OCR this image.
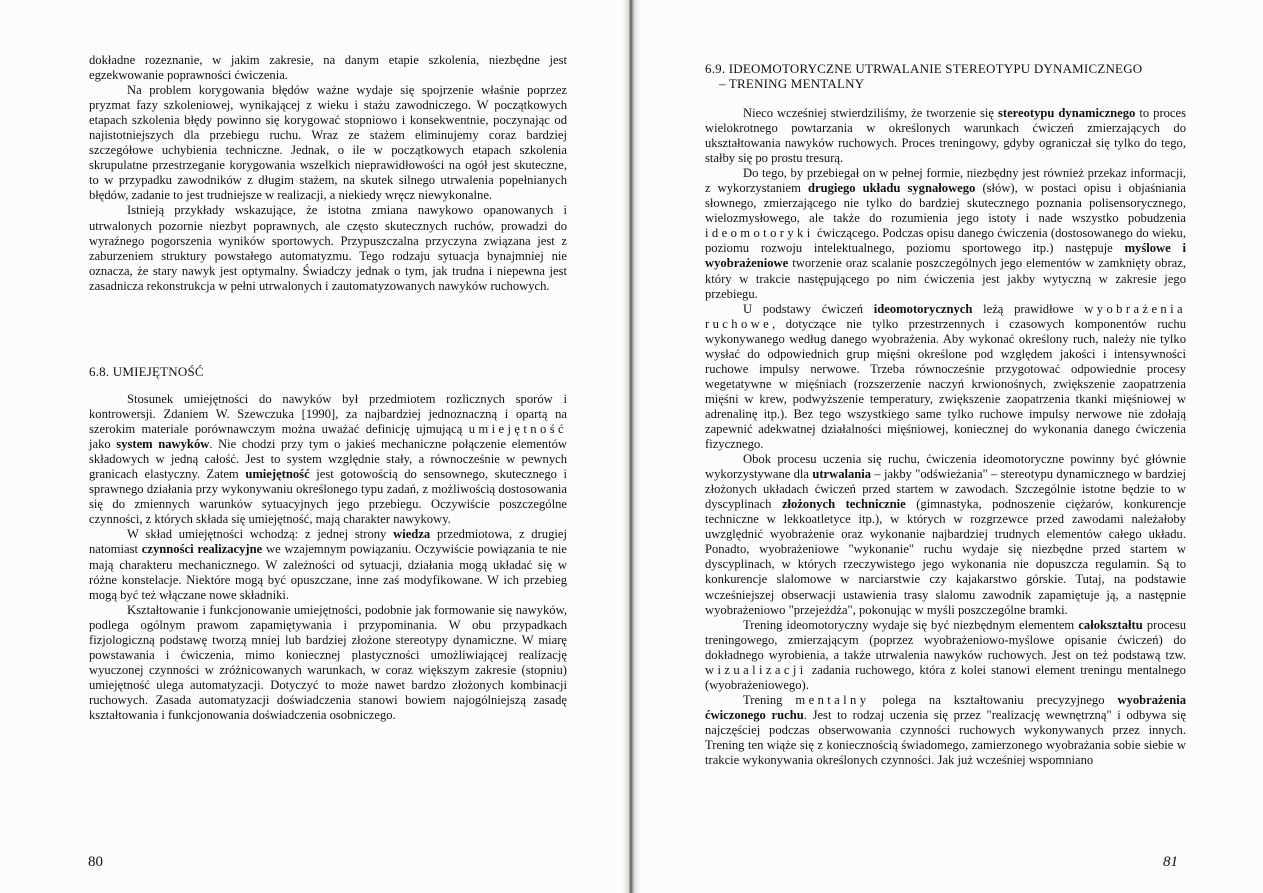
dokładne rozeznanie, w jakim zakresie, na danym etapie szkolenia, niezbędne jest egzekwowanie poprawności ćwiczenia.

Na problem korygowania błędów ważne wydaje się spojrzenie właśnie poprzez pryzmat fazy szkoleniowej, wynikającej z wieku i stażu zawodniczego. W początkowych etapach szkolenia błędy powinno się korygować stopniowo i konsekwentnie, poczynając od najistotniejszych dla przebiegu ruchu. Wraz ze stażem eliminujemy coraz bardziej szczegółowe uchybienia techniczne. Jednak, o ile w początkowych etapach szkolenia skrupulatne przestrzeganie korygowania wszelkich nieprawidłowości na ogół jest skuteczne, to w przypadku zawodników z długim stażem, na skutek silnego utrwalenia popełnianych błędów, zadanie to jest trudniejsze w realizacji, a niekiedy wręcz niewykonalne.

Istnieją przykłady wskazujące, że istotna zmiana nawykowo opanowanych i utrwalonych pozornie niezbyt poprawnych, ale często skutecznych ruchów, prowadzi do wyraźnego pogorszenia wyników sportowych. Przypuszczalna przyczyna związana jest z zaburzeniem struktury powstałego automatyzmu. Tego rodzaju sytuacja bynajmniej nie oznacza, że stary nawyk jest optymalny. Świadczy jednak o tym, jak trudna i niepewna jest zasadnicza rekonstrukcja w pełni utrwalonych i zautomatyzowanych nawyków ruchowych.

6.8. UMIEJĘTNOŚĆ

Stosunek umiejętności do nawyków był przedmiotem rozlicznych sporów i kontrowersji. Zdaniem W. Szewczuka [1990], za najbardziej jednoznaczną i opartą na szerokim materiale porównawczym można uważać definicję ujmującą umiejętność jako system nawyków. Nie chodzi przy tym o jakieś mechaniczne połączenie elementów składowych w jedną całość. Jest to system względnie stały, a równocześnie w pewnych granicach elastyczny. Zatem umiejętność jest gotowością do sensownego, skutecznego i sprawnego działania przy wykonywaniu określonego typu zadań, z możliwością dostosowania się do zmiennych warunków sytuacyjnych jego przebiegu. Oczywiście poszczególne czynności, z których składa się umiejętność, mają charakter nawykowy.

W skład umiejętności wchodzą: z jednej strony wiedza przedmiotowa, z drugiej natomiast czynności realizacyjne we wzajemnym powiązaniu. Oczywiście powiązania te nie mają charakteru mechanicznego. W zależności od sytuacji, działania mogą układać się w różne konstelacje. Niektóre mogą być opuszczane, inne zaś modyfikowane. W ich przebieg mogą być też włączane nowe składniki.

Kształtowanie i funkcjonowanie umiejętności, podobnie jak formowanie się nawyków, podlega ogólnym prawom zapamiętywania i przypominania. W obu przypadkach fizjologiczną podstawę tworzą mniej lub bardziej złożone stereotypy dynamiczne. W miarę powstawania i ćwiczenia, mimo koniecznej plastyczności umożliwiającej realizację wyuczonej czynności w zróżnicowanych warunkach, w coraz większym zakresie (stopniu) umiejętność ulega automatyzacji. Dotyczyć to może nawet bardzo złożonych kombinacji ruchowych. Zasada automatyzacji doświadczenia stanowi bowiem najogólniejszą zasadę kształtowania i funkcjonowania doświadczenia osobniczego.

80
6.9. IDEOMOTORYCZNE UTRWALANIE STEREOTYPU DYNAMICZNEGO
– TRENING MENTALNY

Nieco wcześniej stwierdziliśmy, że tworzenie się stereotypu dynamicznego to proces wielokrotnego powtarzania w określonych warunkach ćwiczeń zmierzających do ukształtowania nawyków ruchowych. Proces treningowy, gdyby ograniczał się tylko do tego, stałby się po prostu tresurą.

Do tego, by przebiegał on w pełnej formie, niezbędny jest również przekaz informacji, z wykorzystaniem drugiego układu sygnałowego (słów), w postaci opisu i objaśniania słownego, zmierzającego nie tylko do bardziej skutecznego poznania polisensorycznego, wielozmysłowego, ale także do rozumienia jego istoty i nade wszystko pobudzenia ideomotoryki ćwiczącego. Podczas opisu danego ćwiczenia (dostosowanego do wieku, poziomu rozwoju intelektualnego, poziomu sportowego itp.) następuje myślowe i wyobrażeniowe tworzenie oraz scalanie poszczególnych jego elementów w zamknięty obraz, który w trakcie następującego po nim ćwiczenia jest jakby wytyczną w zakresie jego przebiegu.

U podstawy ćwiczeń ideomotorycznych leżą prawidłowe wyobrażenia ruchowe, dotyczące nie tylko przestrzennych i czasowych komponentów ruchu wykonywanego według danego wyobrażenia. Aby wykonać określony ruch, należy nie tylko wysłać do odpowiednich grup mięśni określone pod względem jakości i intensywności ruchowe impulsy nerwowe. Trzeba równocześnie przygotować odpowiednie procesy wegetatywne w mięśniach (rozszerzenie naczyń krwionośnych, zwiększenie zaopatrzenia mięśni w krew, podwyższenie temperatury, zwiększenie zaopatrzenia tkanki mięśniowej w adrenalinę itp.). Bez tego wszystkiego same tylko ruchowe impulsy nerwowe nie zdołają zapewnić adekwatnej działalności mięśniowej, koniecznej do wykonania danego ćwiczenia fizycznego.

Obok procesu uczenia się ruchu, ćwiczenia ideomotoryczne powinny być głównie wykorzystywane dla utrwalania – jakby "odświeżania" – stereotypu dynamicznego w bardziej złożonych układach ćwiczeń przed startem w zawodach. Szczególnie istotne będzie to w dyscyplinach złożonych technicznie (gimnastyka, podnoszenie ciężarów, konkurencje techniczne w lekkoatletyce itp.), w których w rozgrzewce przed zawodami należałoby uwzględnić wyobrażenie oraz wykonanie najbardziej trudnych elementów całego układu. Ponadto, wyobrażeniowe "wykonanie" ruchu wydaje się niezbędne przed startem w dyscyplinach, w których rzeczywistego jego wykonania nie dopuszcza regulamin. Są to konkurencje slalomowe w narciarstwie czy kajakarstwo górskie. Tutaj, na podstawie wcześniejszej obserwacji ustawienia trasy slalomu zawodnik zapamiętuje ją, a następnie wyobrażeniowo "przejeżdża", pokonując w myśli poszczególne bramki.

Trening ideomotoryczny wydaje się być niezbędnym elementem całokształtu procesu treningowego, zmierzającym (poprzez wyobrażeniowo-myślowe opisanie ćwiczeń) do dokładnego wyrobienia, a także utrwalenia nawyków ruchowych. Jest on też podstawą tzw. wizualizacji zadania ruchowego, która z kolei stanowi element treningu mentalnego (wyobrażeniowego).

Trening mentalny polega na kształtowaniu precyzyjnego wyobrażenia ćwiczonego ruchu. Jest to rodzaj uczenia się przez "realizację wewnętrzną" i odbywa się najczęściej podczas obserwowania czynności ruchowych wykonywanych przez innych. Trening ten wiąże się z koniecznością świadomego, zamierzonego wyobrażania sobie siebie w trakcie wykonywania określonych czynności. Jak już wcześniej wspomniano

81
